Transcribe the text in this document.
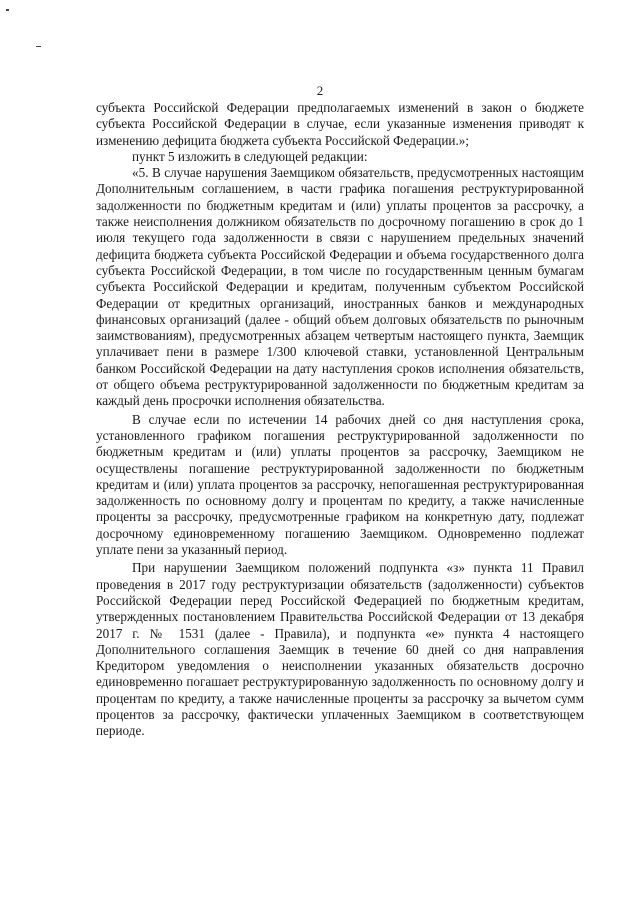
2

субъекта Российской Федерации предполагаемых изменений в закон о бюджете субъекта Российской Федерации в случае, если указанные изменения приводят к изменению дефицита бюджета субъекта Российской Федерации.»;

пункт 5 изложить в следующей редакции:

«5. В случае нарушения Заемщиком обязательств, предусмотренных настоящим Дополнительным соглашением, в части графика погашения реструктурированной задолженности по бюджетным кредитам и (или) уплаты процентов за рассрочку, а также неисполнения должником обязательств по досрочному погашению в срок до 1 июля текущего года задолженности в связи с нарушением предельных значений дефицита бюджета субъекта Российской Федерации и объема государственного долга субъекта Российской Федерации, в том числе по государственным ценным бумагам субъекта Российской Федерации и кредитам, полученным субъектом Российской Федерации от кредитных организаций, иностранных банков и международных финансовых организаций (далее - общий объем долговых обязательств по рыночным заимствованиям), предусмотренных абзацем четвертым настоящего пункта, Заемщик уплачивает пени в размере 1/300 ключевой ставки, установленной Центральным банком Российской Федерации на дату наступления сроков исполнения обязательств, от общего объема реструктурированной задолженности по бюджетным кредитам за каждый день просрочки исполнения обязательства.

В случае если по истечении 14 рабочих дней со дня наступления срока, установленного графиком погашения реструктурированной задолженности по бюджетным кредитам и (или) уплаты процентов за рассрочку, Заемщиком не осуществлены погашение реструктурированной задолженности по бюджетным кредитам и (или) уплата процентов за рассрочку, непогашенная реструктурированная задолженность по основному долгу и процентам по кредиту, а также начисленные проценты за рассрочку, предусмотренные графиком на конкретную дату, подлежат досрочному единовременному погашению Заемщиком. Одновременно подлежат уплате пени за указанный период.

При нарушении Заемщиком положений подпункта «з» пункта 11 Правил проведения в 2017 году реструктуризации обязательств (задолженности) субъектов Российской Федерации перед Российской Федерацией по бюджетным кредитам, утвержденных постановлением Правительства Российской Федерации от 13 декабря 2017 г. № 1531 (далее - Правила), и подпункта «е» пункта 4 настоящего Дополнительного соглашения Заемщик в течение 60 дней со дня направления Кредитором уведомления о неисполнении указанных обязательств досрочно единовременно погашает реструктурированную задолженность по основному долгу и процентам по кредиту, а также начисленные проценты за рассрочку за вычетом сумм процентов за рассрочку, фактически уплаченных Заемщиком в соответствующем периоде.
